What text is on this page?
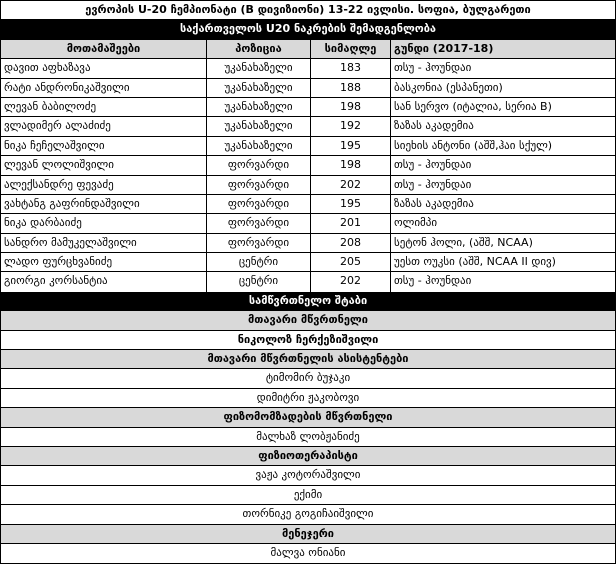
ევროპის U-20 ჩემპიონატი (B დივიზიონი) 13-22 ივლისი. სოფია, ბულგარეთი
საქართველოს U20 ნაკრების შემადგენლობა
მოთამაშეები	პოზიცია	სიმაღლე	გუნდი (2017-18)
დავით აფხაზავა	უკანახაზელი	183	თსუ - ჰოუნდაი
რატი ანდრონიკაშვილი	უკანახაზელი	188	ბასკონია (ესპანეთი)
ლევან ბაბილოძე	უკანახაზელი	198	სან სერვო (იტალია, სერია B)
ვლადიმერ ალაძიძე	უკანახაზელი	192	ზაზას აკადემია
ნიკა ჩეჩელაშვილი	უკანახაზელი	195	სიეხის ანტონი (აშშ,ჰაი სქულ)
ლევან ლოლიშვილი	ფორვარდი	198	თსუ - ჰოუნდაი
ალექსანდრე ფევაძე	ფორვარდი	202	თსუ - ჰოუნდაი
ვახტანგ გაფრინდაშვილი	ფორვარდი	195	ზაზას აკადემია
ნიკა დარბაიძე	ფორვარდი	201	ოლიმპი
სანდრო მამუკელაშვილი	ფორვარდი	208	სეტონ ჰოლი, (აშშ, NCAA)
ლადო ფურცხვანიძე	ცენტრი	205	უესთ ოუკსი (აშშ, NCAA II დივ)
გიორგი კორსანტია	ცენტრი	202	თსუ - ჰოუნდაი
სამწვრთნელო შტაბი
მთავარი მწვრთნელი
ნიკოლოზ ჩერქეზიშვილი
მთავარი მწვრთნელის ასისტენტები
ტიმომირ ბუჯაკი
დიმიტრი ჟაკობოვი
ფიზომომზადების მწვრთნელი
მალხაზ ლობჟანიძე
ფიზიოთერაპისტი
ვაჟა კოტორაშვილი
ექიმი
თორნიკე გოგიჩაიშვილი
მენეჯერი
მალვა ონიანი
